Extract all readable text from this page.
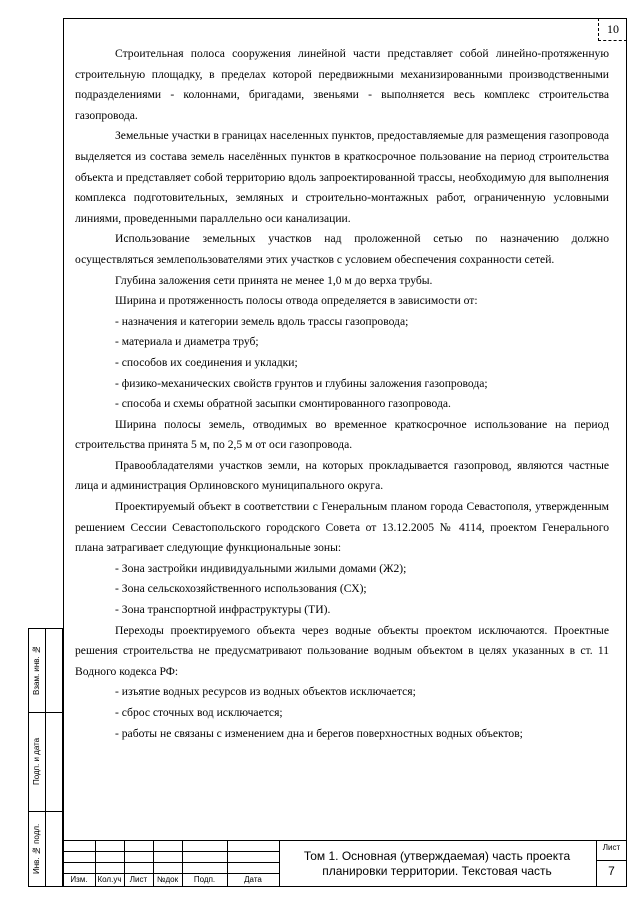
10

Строительная полоса сооружения линейной части представляет собой линейно-протяженную строительную площадку, в пределах которой передвижными механизированными производственными подразделениями - колоннами, бригадами, звеньями - выполняется весь комплекс строительства газопровода.

Земельные участки в границах населенных пунктов, предоставляемые для размещения газопровода выделяется из состава земель населённых пунктов в краткосрочное пользование на период строительства объекта и представляет собой территорию вдоль запроектированной трассы, необходимую для выполнения комплекса подготовительных, земляных и строительно-монтажных работ, ограниченную условными линиями, проведенными параллельно оси канализации.

Использование земельных участков над проложенной сетью по назначению должно осуществляться землепользователями этих участков с условием обеспечения сохранности сетей.

Глубина заложения сети принята не менее 1,0 м до верха трубы.

Ширина и протяженность полосы отвода определяется в зависимости от:

- назначения и категории земель вдоль трассы газопровода;

- материала и диаметра труб;

- способов их соединения и укладки;

- физико-механических свойств грунтов и глубины заложения газопровода;

- способа и схемы обратной засыпки смонтированного газопровода.

Ширина полосы земель, отводимых во временное краткосрочное использование на период строительства принята 5 м, по 2,5 м от оси газопровода.

Правообладателями участков земли, на которых прокладывается газопровод, являются частные лица и администрация Орлиновского муниципального округа.

Проектируемый объект в соответствии с Генеральным планом города Севастополя, утвержденным решением Сессии Севастопольского городского Совета от 13.12.2005 № 4114, проектом Генерального плана затрагивает следующие функциональные зоны:

- Зона застройки индивидуальными жилыми домами (Ж2);

- Зона сельскохозяйственного использования (СХ);

- Зона транспортной инфраструктуры (ТИ).

Переходы проектируемого объекта через водные объекты проектом исключаются. Проектные решения строительства не предусматривают пользование водным объектом в целях указанных в ст. 11 Водного кодекса РФ:

- изъятие водных ресурсов из водных объектов исключается;

- сброс сточных вод исключается;

- работы не связаны с изменением дна и берегов поверхностных водных объектов;

Взам. инв. №
Подп. и дата
Инв. № подл.
Изм.	Кол.уч	Лист	№док	Подп.	Дата
Том 1. Основная (утверждаемая) часть проекта
планировки территории. Текстовая часть
Лист
7
